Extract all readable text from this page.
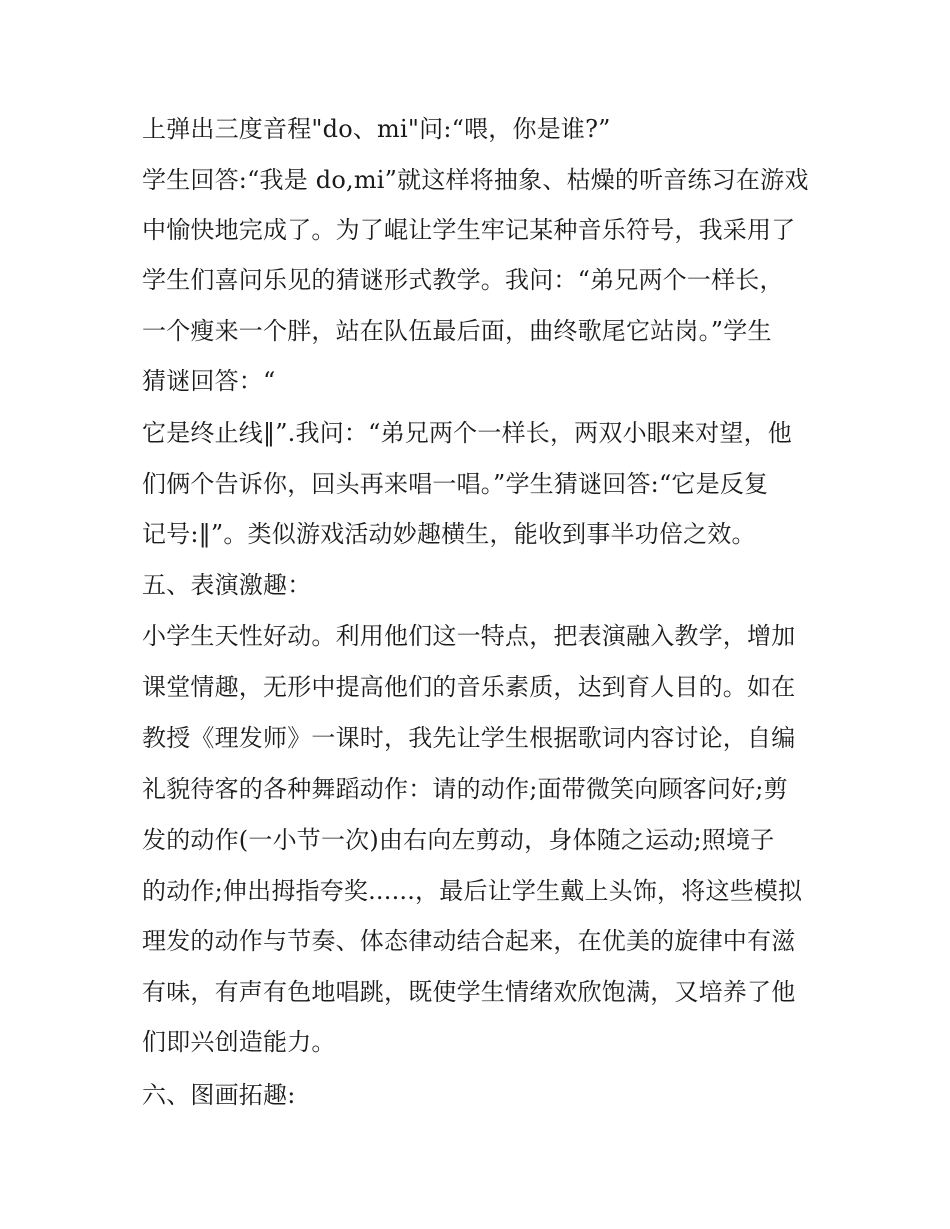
上弹出三度音程"do、mi"问:“喂，你是谁?”
学生回答:“我是 do,mi”就这样将抽象、枯燥的听音练习在游戏
中愉快地完成了。为了崐让学生牢记某种音乐符号，我采用了
学生们喜问乐见的猜谜形式教学。我问：“弟兄两个一样长，
一个瘦来一个胖，站在队伍最后面，曲终歌尾它站岗。”学生
猜谜回答：“
它是终止线‖”.我问：“弟兄两个一样长，两双小眼来对望，他
们俩个告诉你，回头再来唱一唱。”学生猜谜回答:“它是反复
记号:‖”。类似游戏活动妙趣横生，能收到事半功倍之效。
五、表演激趣：
小学生天性好动。利用他们这一特点，把表演融入教学，增加
课堂情趣，无形中提高他们的音乐素质，达到育人目的。如在
教授《理发师》一课时，我先让学生根据歌词内容讨论，自编
礼貌待客的各种舞蹈动作：请的动作;面带微笑向顾客问好;剪
发的动作(一小节一次)由右向左剪动，身体随之运动;照境子
的动作;伸出拇指夸奖......，最后让学生戴上头饰，将这些模拟
理发的动作与节奏、体态律动结合起来，在优美的旋律中有滋
有味，有声有色地唱跳，既使学生情绪欢欣饱满，又培养了他
们即兴创造能力。
六、图画拓趣:
